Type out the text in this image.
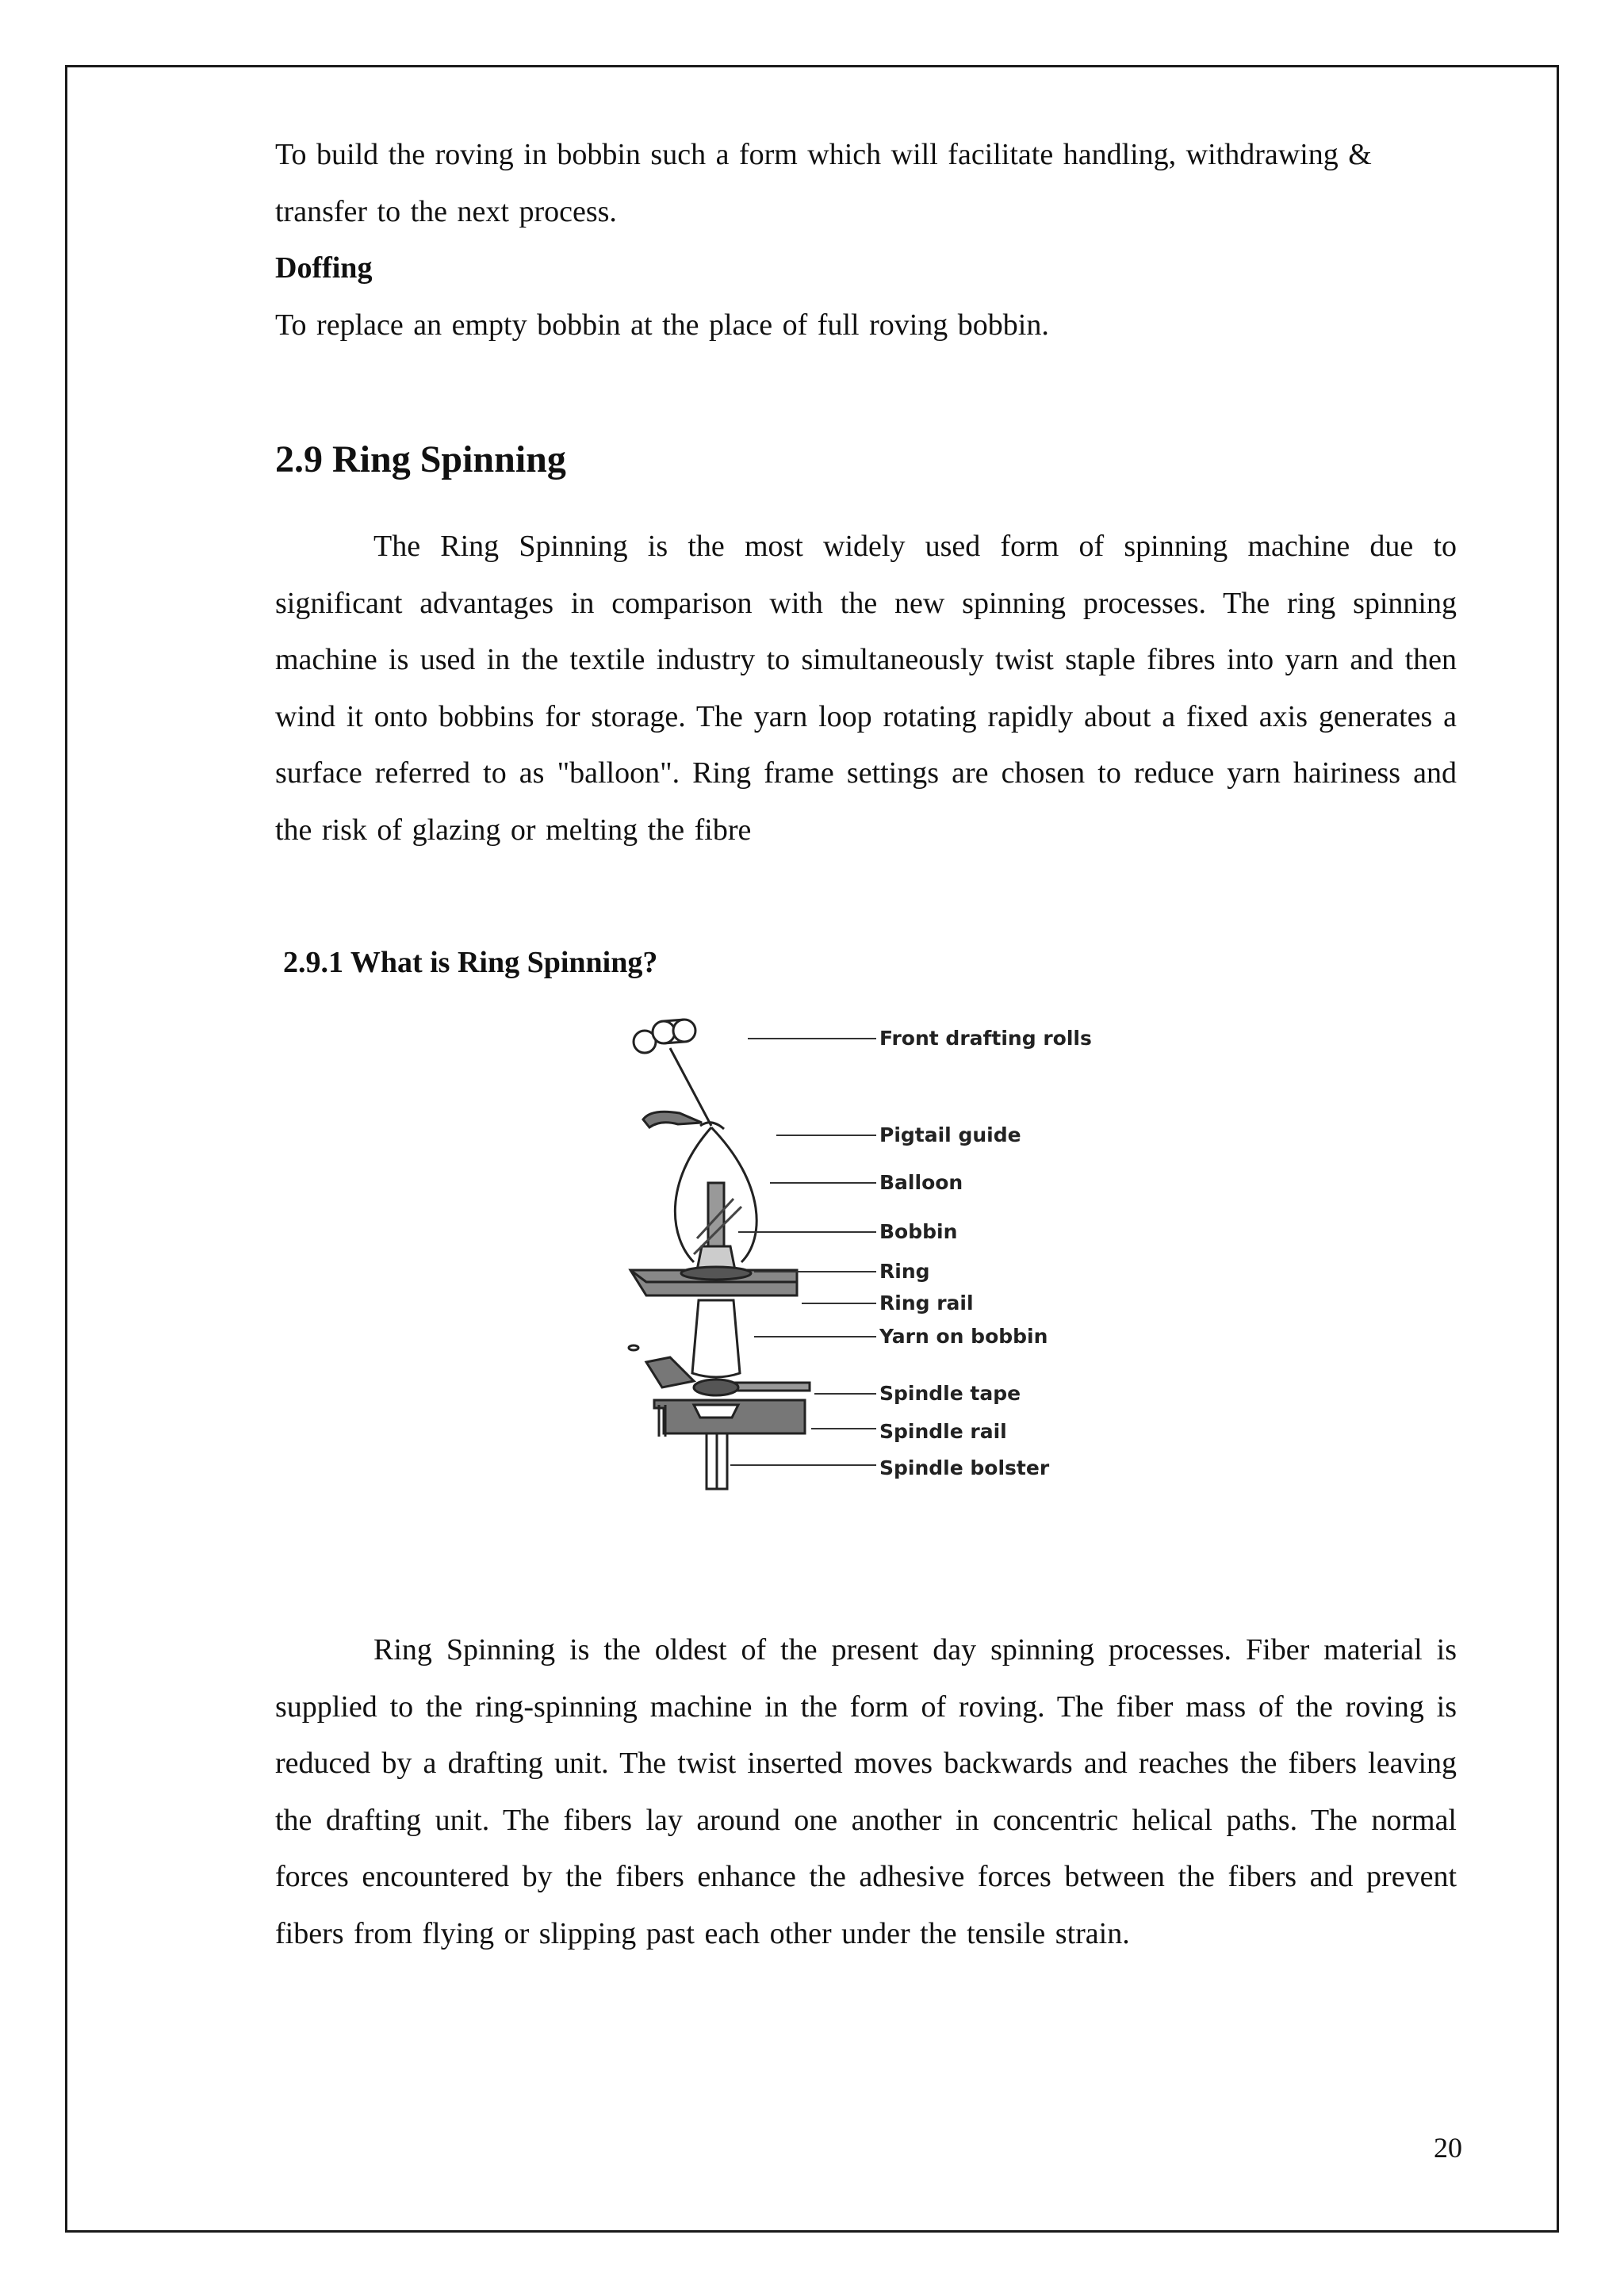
To build the roving in bobbin such a form which will facilitate handling, withdrawing &

transfer to the next process.

Doffing

To replace an empty bobbin at the place of full roving bobbin.

2.9 Ring Spinning

The Ring Spinning is the most widely used form of spinning machine due to significant advantages in comparison with the new spinning processes. The ring spinning machine is used in the textile industry to simultaneously twist staple fibres into yarn and then wind it onto bobbins for storage. The yarn loop rotating rapidly about a fixed axis generates a surface referred to as "balloon". Ring frame settings are chosen to reduce yarn hairiness and the risk of glazing or melting the fibre

2.9.1 What is Ring Spinning?
Front drafting rolls
Pigtail guide
Balloon
Bobbin
Ring
Ring rail
Yarn on bobbin
Spindle tape
Spindle rail
Spindle bolster

Ring Spinning is the oldest of the present day spinning processes. Fiber material is supplied to the ring-spinning machine in the form of roving. The fiber mass of the roving is reduced by a drafting unit. The twist inserted moves backwards and reaches the fibers leaving the drafting unit. The fibers lay around one another in concentric helical paths. The normal forces encountered by the fibers enhance the adhesive forces between the fibers and prevent fibers from flying or slipping past each other under the tensile strain.

20
